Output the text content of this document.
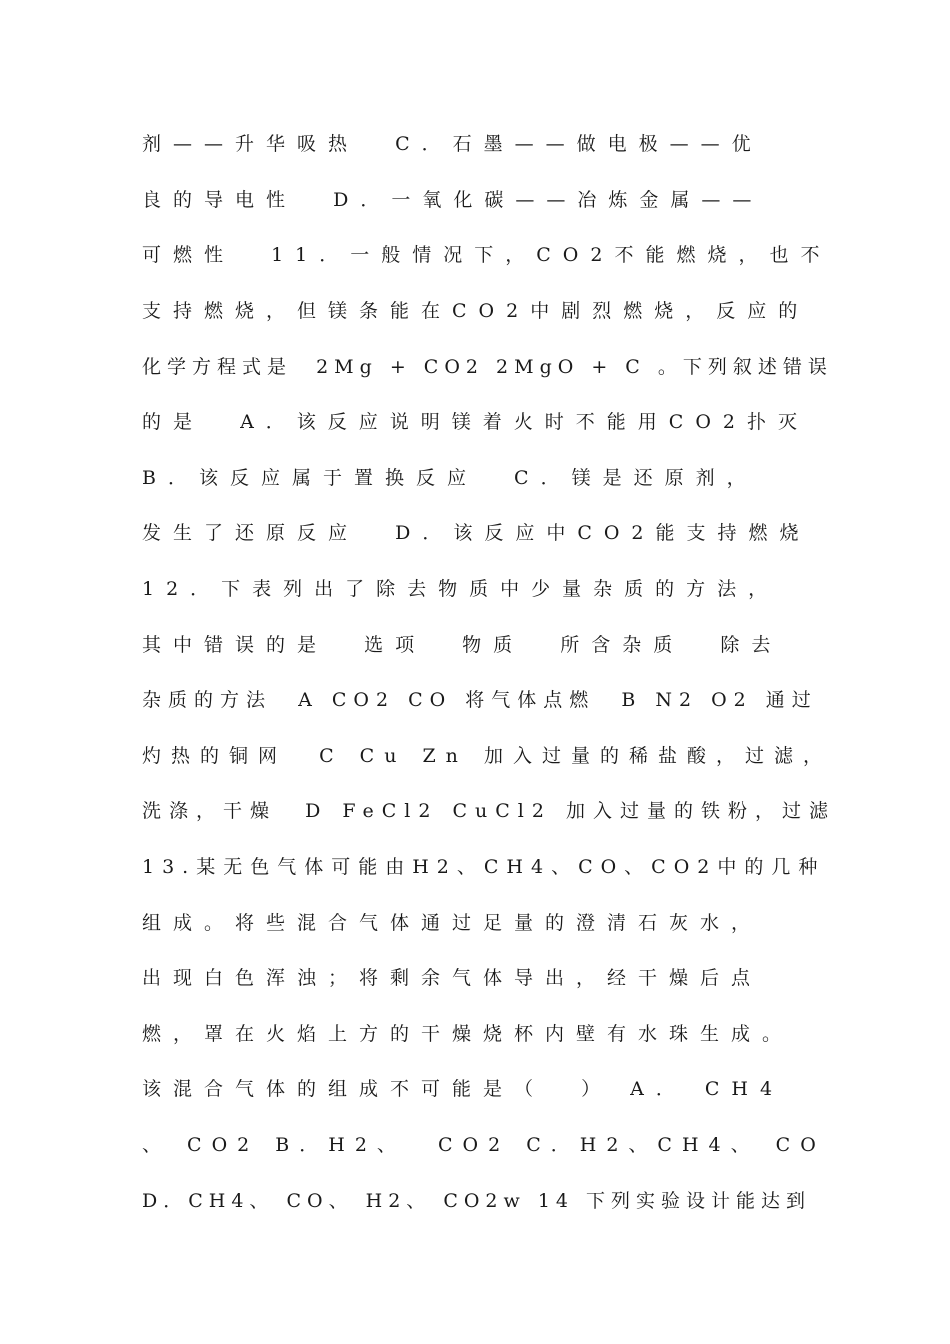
剂——升华吸热  C．石墨——做电极——优
良的导电性  D．一氧化碳——冶炼金属——
可燃性  11．一般情况下，CO2不能燃烧，也不
支持燃烧，但镁条能在CO2中剧烈燃烧，反应的
化学方程式是  2Mg + CO2 2MgO + C 。下列叙述错误
的是  A．该反应说明镁着火时不能用CO2扑灭
B．该反应属于置换反应  C．镁是还原剂，
发生了还原反应  D．该反应中CO2能支持燃烧
12．下表列出了除去物质中少量杂质的方法，
其中错误的是  选项  物质  所含杂质  除去
杂质的方法  A CO2 CO 将气体点燃  B N2 O2 通过
灼热的铜网  C Cu Zn 加入过量的稀盐酸，过滤，
洗涤，干燥  D FeCl2 CuCl2 加入过量的铁粉，过滤
13.某无色气体可能由H2、CH4、CO、CO2中的几种
组成。将些混合气体通过足量的澄清石灰水，
出现白色浑浊；将剩余气体导出，经干燥后点
燃，罩在火焰上方的干燥烧杯内壁有水珠生成。
该混合气体的组成不可能是（  ） A． CH4
、 CO2 B．H2、  CO2 C．H2、CH4、 CO
D．CH4、 CO、 H2、 CO2w 14 下列实验设计能达到
